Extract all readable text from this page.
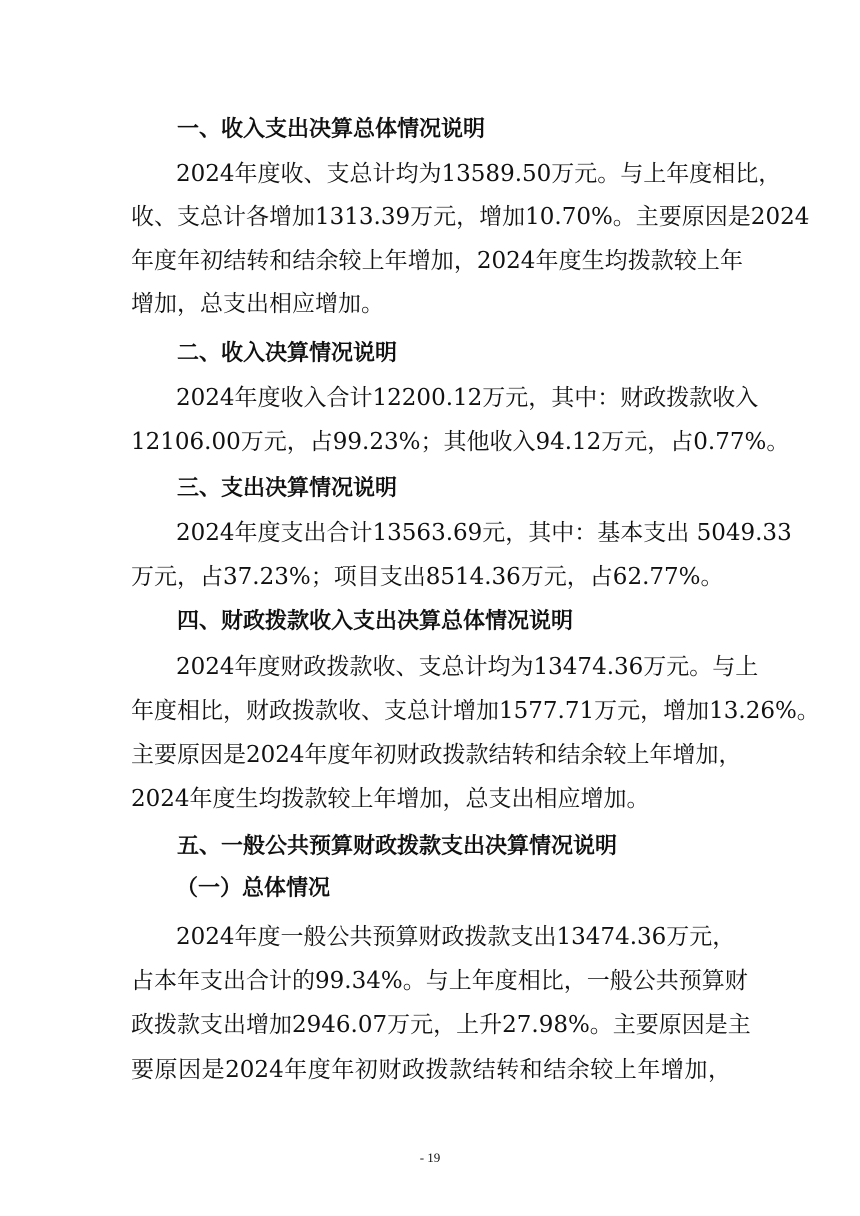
一、收入支出决算总体情况说明
2024年度收、支总计均为13589.50万元。与上年度相比，
收、支总计各增加1313.39万元，增加10.70%。主要原因是2024
年度年初结转和结余较上年增加，2024年度生均拨款较上年
增加，总支出相应增加。
二、收入决算情况说明
2024年度收入合计12200.12万元，其中：财政拨款收入
12106.00万元，占99.23%；其他收入94.12万元，占0.77%。
三、支出决算情况说明
2024年度支出合计13563.69元，其中：基本支出 5049.33
万元，占37.23%；项目支出8514.36万元，占62.77%。
四、财政拨款收入支出决算总体情况说明
2024年度财政拨款收、支总计均为13474.36万元。与上
年度相比，财政拨款收、支总计增加1577.71万元，增加13.26%。
主要原因是2024年度年初财政拨款结转和结余较上年增加，
2024年度生均拨款较上年增加，总支出相应增加。
五、一般公共预算财政拨款支出决算情况说明
（一）总体情况
2024年度一般公共预算财政拨款支出13474.36万元，
占本年支出合计的99.34%。与上年度相比，一般公共预算财
政拨款支出增加2946.07万元，上升27.98%。主要原因是主
要原因是2024年度年初财政拨款结转和结余较上年增加，
- 19
